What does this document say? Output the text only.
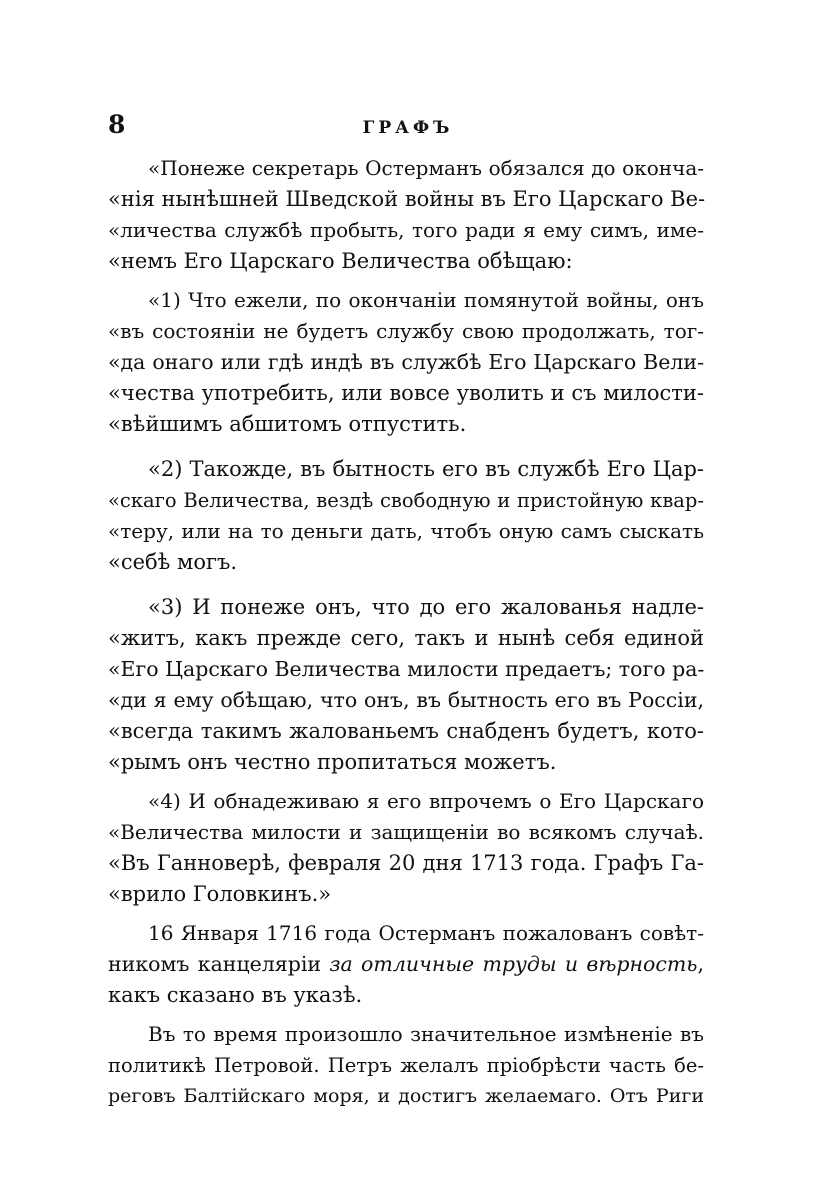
8	ГРАФЪ
«Понеже секретарь Остерманъ обязался до оконча-
«нія нынѣшней Шведской войны въ Его Царскаго Ве-
«личества службѣ пробыть, того ради я ему симъ, име-
«немъ Его Царскаго Величества обѣщаю:
«1) Что ежели, по окончаніи помянутой войны, онъ
«въ состояніи не будетъ службу свою продолжать, тог-
«да онаго или гдѣ индѣ въ службѣ Его Царскаго Вели-
«чества употребить, или вовсе уволить и съ милости-
«вѣйшимъ абшитомъ отпустить.
«2) Такожде, въ бытность его въ службѣ Его Цар-
«скаго Величества, вездѣ свободную и пристойную квар-
«теру, или на то деньги дать, чтобъ оную самъ сыскать
«себѣ могъ.
«3) И понеже онъ, что до его жалованья надле-
«житъ, какъ прежде сего, такъ и нынѣ себя единой
«Его Царскаго Величества милости предаетъ; того ра-
«ди я ему обѣщаю, что онъ, въ бытность его въ Россіи,
«всегда такимъ жалованьемъ снабденъ будетъ, кото-
«рымъ онъ честно пропитаться можетъ.
«4) И обнадеживаю я его впрочемъ о Его Царскаго
«Величества милости и защищеніи во всякомъ случаѣ.
«Въ Ганноверѣ, февраля 20 дня 1713 года. Графъ Га-
«врило Головкинъ.»
16 Января 1716 года Остерманъ пожалованъ совѣт-
никомъ канцеляріи за отличные труды и вѣрность,
какъ сказано въ указѣ.
Въ то время произошло значительное измѣненіе въ
политикѣ Петровой. Петръ желалъ пріобрѣсти часть бе-
реговъ Балтійскаго моря, и достигъ желаемаго. Отъ Риги
